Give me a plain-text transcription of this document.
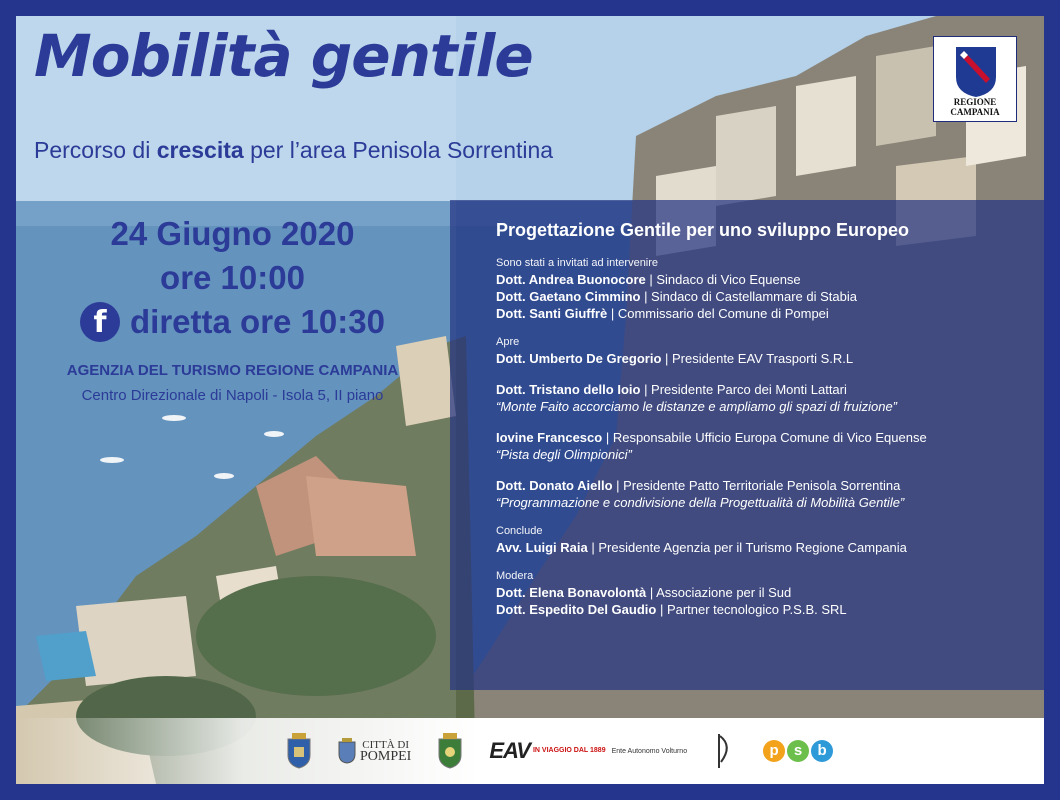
Mobilità gentile
Percorso di crescita per l’area Penisola Sorrentina
24 Giugno 2020
ore 10:00
f diretta ore 10:30
AGENZIA DEL TURISMO REGIONE CAMPANIA
Centro Direzionale di Napoli - Isola 5, II piano
REGIONE CAMPANIA
Progettazione Gentile per uno sviluppo Europeo
Sono stati a invitati ad intervenire
Dott. Andrea Buonocore | Sindaco di Vico Equense
Dott. Gaetano Cimmino | Sindaco di Castellammare di Stabia
Dott. Santi Giuffrè | Commissario del Comune di Pompei
Apre
Dott. Umberto De Gregorio | Presidente EAV Trasporti S.R.L
Dott. Tristano dello Ioio | Presidente Parco dei Monti Lattari
“Monte Faito accorciamo le distanze e ampliamo gli spazi di fruizione”
Iovine Francesco | Responsabile Ufficio Europa Comune di Vico Equense
“Pista degli Olimpionici”
Dott. Donato Aiello | Presidente Patto Territoriale Penisola Sorrentina
“Programmazione e condivisione della Progettualità di Mobilità Gentile”
Conclude
Avv. Luigi Raia | Presidente Agenzia per il Turismo Regione Campania
Modera
Dott. Elena Bonavolontà | Associazione per il Sud
Dott. Espedito Del Gaudio | Partner tecnologico P.S.B. SRL
CITTÀ DI
POMPEI	EAV IN VIAGGIO DAL 1889 Ente Autonomo Volturno	p	s	b
